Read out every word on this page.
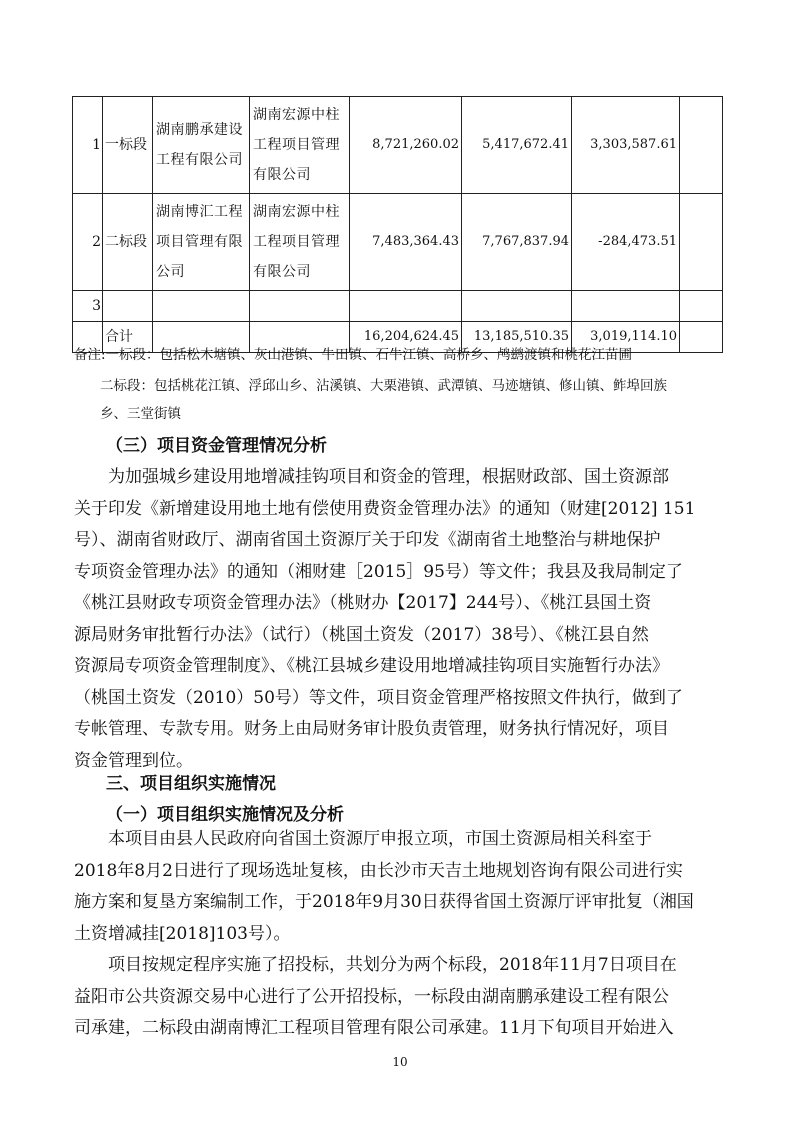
1	一标段	湖南鹏承建设工程有限公司	湖南宏源中柱工程项目管理有限公司	8,721,260.02	5,417,672.41	3,303,587.61	
2	二标段	湖南博汇工程项目管理有限公司	湖南宏源中柱工程项目管理有限公司	7,483,364.43	7,767,837.94	-284,473.51	
3							
	合计			16,204,624.45	13,185,510.35	3,019,114.10	
备注:一标段：包括松木塘镇、灰山港镇、牛田镇、石牛江镇、高桥乡、鸬鹚渡镇和桃花江苗圃
二标段：包括桃花江镇、浮邱山乡、沾溪镇、大栗港镇、武潭镇、马迹塘镇、修山镇、鲊埠回族
乡、三堂街镇
（三）项目资金管理情况分析
为加强城乡建设用地增减挂钩项目和资金的管理，根据财政部、国土资源部
关于印发《新增建设用地土地有偿使用费资金管理办法》的通知（财建[2012] 151
号）、湖南省财政厅、湖南省国土资源厅关于印发《湖南省土地整治与耕地保护
专项资金管理办法》的通知（湘财建［2015］95号）等文件；我县及我局制定了
《桃江县财政专项资金管理办法》（桃财办【2017】244号）、《桃江县国土资
源局财务审批暂行办法》（试行）（桃国土资发（2017）38号）、《桃江县自然
资源局专项资金管理制度》、《桃江县城乡建设用地增减挂钩项目实施暂行办法》
（桃国土资发（2010）50号）等文件，项目资金管理严格按照文件执行，做到了
专帐管理、专款专用。财务上由局财务审计股负责管理，财务执行情况好，项目
资金管理到位。
三、项目组织实施情况
（一）项目组织实施情况及分析
本项目由县人民政府向省国土资源厅申报立项，市国土资源局相关科室于
2018年8月2日进行了现场选址复核，由长沙市天吉土地规划咨询有限公司进行实
施方案和复垦方案编制工作，于2018年9月30日获得省国土资源厅评审批复（湘国
土资增减挂[2018]103号）。
项目按规定程序实施了招投标，共划分为两个标段，2018年11月7日项目在
益阳市公共资源交易中心进行了公开招投标，一标段由湖南鹏承建设工程有限公
司承建，二标段由湖南博汇工程项目管理有限公司承建。11月下旬项目开始进入
10
